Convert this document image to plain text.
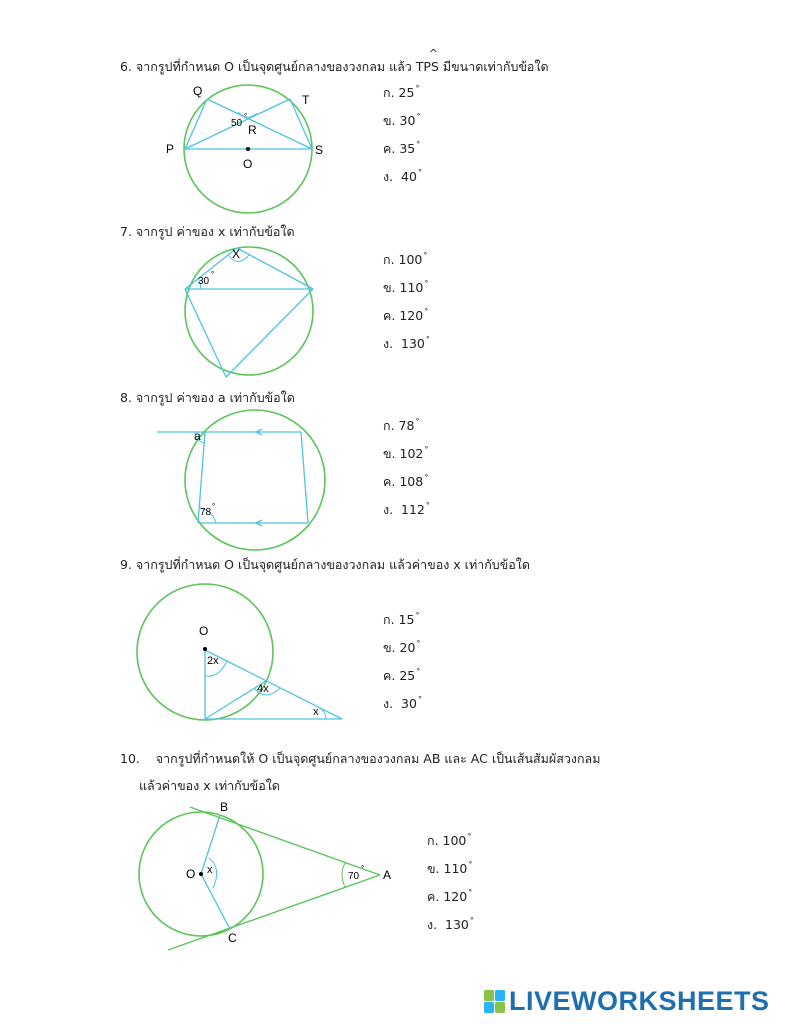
6. จากรูปที่กำหนด O เป็นจุดศูนย์กลางของวงกลม แล้ว
^
TPS มีขนาดเท่ากับข้อใด
Q
T
P	S
R
O
50
°
ก. 25°
ข. 30°
ค. 35°
ง. 40°
7. จากรูป ค่าของ x เท่ากับข้อใด
X
30
°
ก. 100°
ข. 110°
ค. 120°
ง. 130°
8. จากรูป ค่าของ a เท่ากับข้อใด
a
78
°
ก. 78°
ข. 102°
ค. 108°
ง. 112°
9. จากรูปที่กำหนด O เป็นจุดศูนย์กลางของวงกลม แล้วค่าของ x เท่ากับข้อใด
O
2x
4x
x
ก. 15°
ข. 20°
ค. 25°
ง. 30°
10. จากรูปที่กำหนดให้ O เป็นจุดศูนย์กลางของวงกลม AB และ AC เป็นเส้นสัมผัสวงกลม
แล้วค่าของ x เท่ากับข้อใด
B
C
O	A
x
70
°
ก. 100°
ข. 110°
ค. 120°
ง. 130°
LIVEWORKSHEETS
